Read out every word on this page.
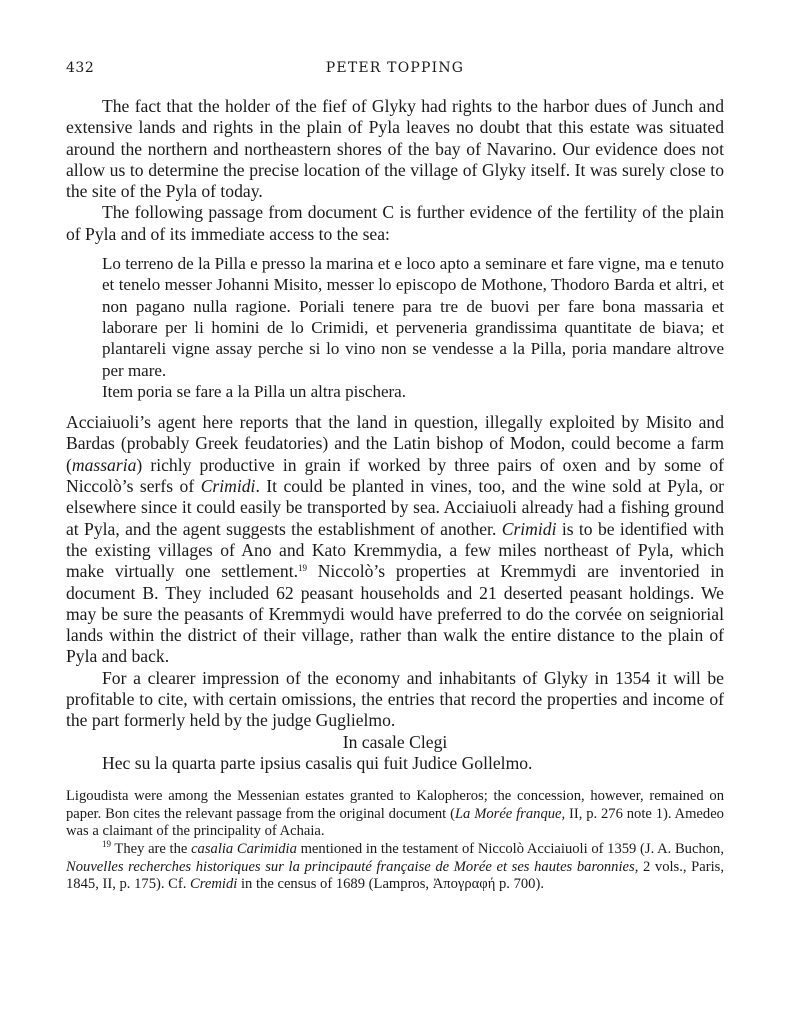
432	PETER TOPPING

The fact that the holder of the fief of Glyky had rights to the harbor dues of Junch and extensive lands and rights in the plain of Pyla leaves no doubt that this estate was situated around the northern and northeastern shores of the bay of Navarino. Our evidence does not allow us to determine the precise location of the village of Glyky itself. It was surely close to the site of the Pyla of today.

The following passage from document C is further evidence of the fertility of the plain of Pyla and of its immediate access to the sea:

Lo terreno de la Pilla e presso la marina et e loco apto a seminare et fare vigne, ma e tenuto et tenelo messer Johanni Misito, messer lo episcopo de Mothone, Thodoro Barda et altri, et non pagano nulla ragione. Poriali tenere para tre de buovi per fare bona massaria et laborare per li homini de lo Crimidi, et perveneria grandissima quantitate de biava; et plantareli vigne assay perche si lo vino non se vendesse a la Pilla, poria mandare altrove per mare.

Item poria se fare a la Pilla un altra pischera.

Acciaiuoli’s agent here reports that the land in question, illegally exploited by Misito and Bardas (probably Greek feudatories) and the Latin bishop of Modon, could become a farm (massaria) richly productive in grain if worked by three pairs of oxen and by some of Niccolò’s serfs of Crimidi. It could be planted in vines, too, and the wine sold at Pyla, or elsewhere since it could easily be transported by sea. Acciaiuoli already had a fishing ground at Pyla, and the agent suggests the establishment of another. Crimidi is to be identified with the existing villages of Ano and Kato Kremmydia, a few miles northeast of Pyla, which make virtually one settlement.$^{19}$ Niccolò’s properties at Kremmydi are inventoried in document B. They included 62 peasant households and 21 deserted peasant holdings. We may be sure the peasants of Kremmydi would have preferred to do the corvée on seigniorial lands within the district of their village, rather than walk the entire distance to the plain of Pyla and back.

For a clearer impression of the economy and inhabitants of Glyky in 1354 it will be profitable to cite, with certain omissions, the entries that record the properties and income of the part formerly held by the judge Guglielmo.

In casale Clegi

Hec su la quarta parte ipsius casalis qui fuit Judice Gollelmo.

Ligoudista were among the Messenian estates granted to Kalopheros; the concession, however, remained on paper. Bon cites the relevant passage from the original document (La Morée franque, II, p. 276 note 1). Amedeo was a claimant of the principality of Achaia.

$^{19}$ They are the casalia Carimidia mentioned in the testament of Niccolò Acciaiuoli of 1359 (J. A. Buchon, Nouvelles recherches historiques sur la principauté française de Morée et ses hautes baronnies, 2 vols., Paris, 1845, II, p. 175). Cf. Cremidi in the census of 1689 (Lampros, Ἀπογραφή p. 700).
